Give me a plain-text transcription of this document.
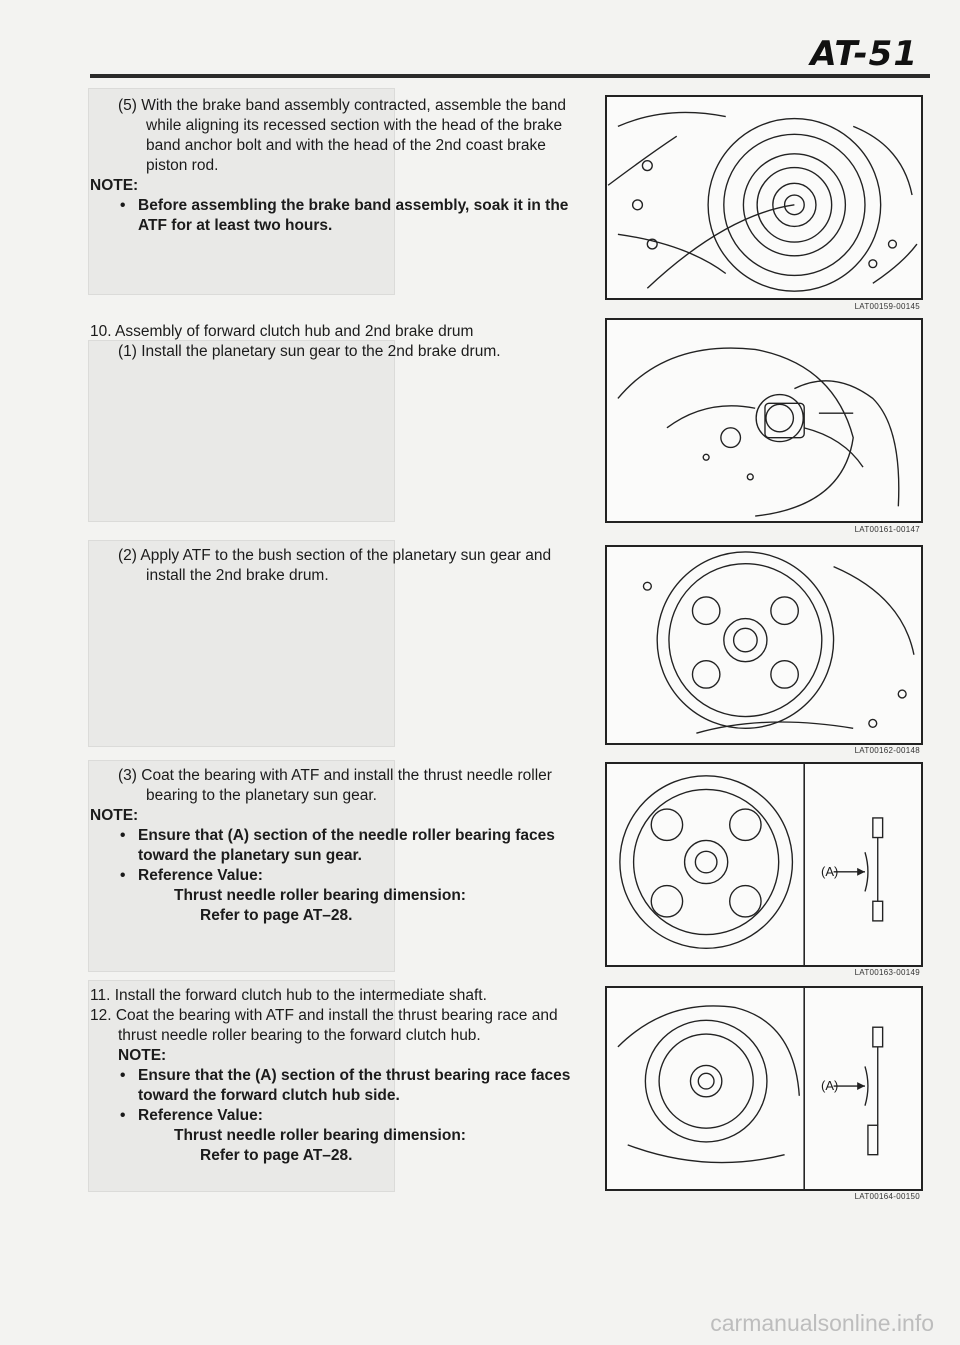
AT-51

(5) With the brake band assembly contracted, assemble the band while aligning its recessed section with the head of the brake band anchor bolt and with the head of the 2nd coast brake piston rod.

NOTE:

• Before assembling the brake band assembly, soak it in the ATF for at least two hours.

10. Assembly of forward clutch hub and 2nd brake drum

(1) Install the planetary sun gear to the 2nd brake drum.

(2) Apply ATF to the bush section of the planetary sun gear and install the 2nd brake drum.

(3) Coat the bearing with ATF and install the thrust needle roller bearing to the planetary sun gear.

NOTE:

• Ensure that (A) section of the needle roller bearing faces toward the planetary sun gear.
• Reference Value:

Thrust needle roller bearing dimension:

Refer to page AT–28.

11. Install the forward clutch hub to the intermediate shaft.

12. Coat the bearing with ATF and install the thrust bearing race and thrust needle roller bearing to the forward clutch hub.

NOTE:

• Ensure that the (A) section of the thrust bearing race faces toward the forward clutch hub side.
• Reference Value:

Thrust needle roller bearing dimension:

Refer to page AT–28.

LAT00159-00145
LAT00161-00147
LAT00162-00148
(A)
LAT00163-00149
(A)
LAT00164-00150
carmanualsonline.info
